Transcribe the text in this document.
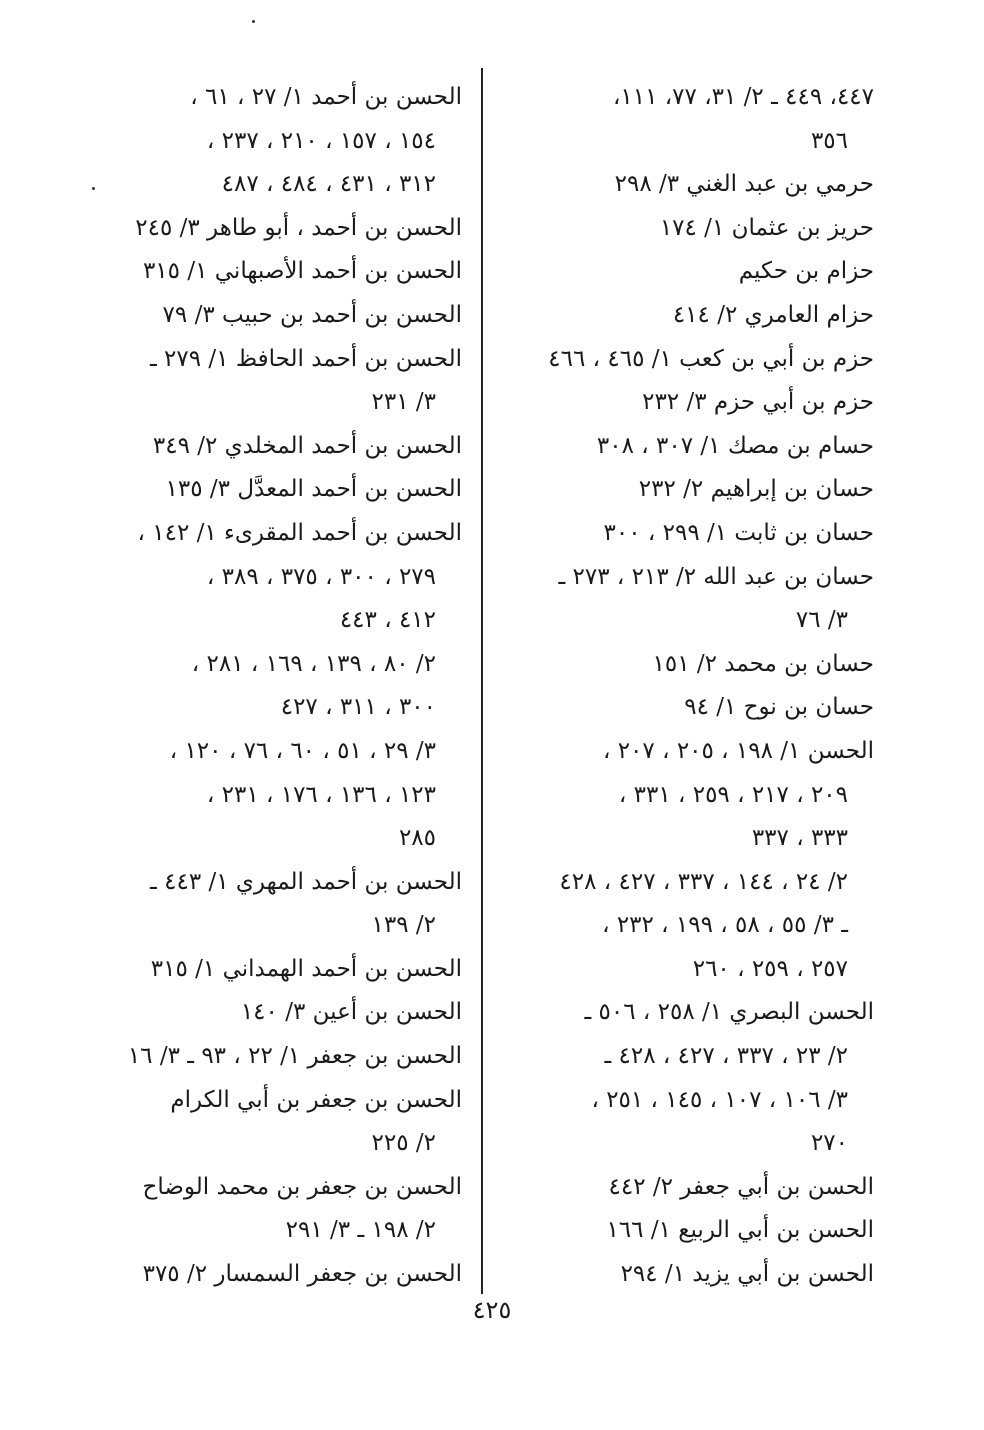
٤٤٧، ٤٤٩ ـ ٢/ ٣١، ٧٧، ١١١،
٣٥٦
حرمي بن عبد الغني ٣/ ٢٩٨
حريز بن عثمان ١/ ١٧٤
حزام بن حكيم
حزام العامري ٢/ ٤١٤
حزم بن أبي بن كعب ١/ ٤٦٥ ، ٤٦٦
حزم بن أبي حزم ٣/ ٢٣٢
حسام بن مصك ١/ ٣٠٧ ، ٣٠٨
حسان بن إبراهيم ٢/ ٢٣٢
حسان بن ثابت ١/ ٢٩٩ ، ٣٠٠
حسان بن عبد الله ٢/ ٢١٣ ، ٢٧٣ ـ
٣/ ٧٦
حسان بن محمد ٢/ ١٥١
حسان بن نوح ١/ ٩٤
الحسن ١/ ١٩٨ ، ٢٠٥ ، ٢٠٧ ،
٢٠٩ ، ٢١٧ ، ٢٥٩ ، ٣٣١ ،
٣٣٣ ، ٣٣٧
٢/ ٢٤ ، ١٤٤ ، ٣٣٧ ، ٤٢٧ ، ٤٢٨
ـ ٣/ ٥٥ ، ٥٨ ، ١٩٩ ، ٢٣٢ ،
٢٥٧ ، ٢٥٩ ، ٢٦٠
الحسن البصري ١/ ٢٥٨ ، ٥٠٦ ـ
٢/ ٢٣ ، ٣٣٧ ، ٤٢٧ ، ٤٢٨ ـ
٣/ ١٠٦ ، ١٠٧ ، ١٤٥ ، ٢٥١ ،
٢٧٠
الحسن بن أبي جعفر ٢/ ٤٤٢
الحسن بن أبي الربيع ١/ ١٦٦
الحسن بن أبي يزيد ١/ ٢٩٤
الحسن بن أحمد ١/ ٢٧ ، ٦١ ،
١٥٤ ، ١٥٧ ، ٢١٠ ، ٢٣٧ ،
٣١٢ ، ٤٣١ ، ٤٨٤ ، ٤٨٧
الحسن بن أحمد ، أبو طاهر ٣/ ٢٤٥
الحسن بن أحمد الأصبهاني ١/ ٣١٥
الحسن بن أحمد بن حبيب ٣/ ٧٩
الحسن بن أحمد الحافظ ١/ ٢٧٩ ـ
٣/ ٢٣١
الحسن بن أحمد المخلدي ٢/ ٣٤٩
الحسن بن أحمد المعدَّل ٣/ ١٣٥
الحسن بن أحمد المقرىء ١/ ١٤٢ ،
٢٧٩ ، ٣٠٠ ، ٣٧٥ ، ٣٨٩ ،
٤١٢ ، ٤٤٣
٢/ ٨٠ ، ١٣٩ ، ١٦٩ ، ٢٨١ ،
٣٠٠ ، ٣١١ ، ٤٢٧
٣/ ٢٩ ، ٥١ ، ٦٠ ، ٧٦ ، ١٢٠ ،
١٢٣ ، ١٣٦ ، ١٧٦ ، ٢٣١ ،
٢٨٥
الحسن بن أحمد المهري ١/ ٤٤٣ ـ
٢/ ١٣٩
الحسن بن أحمد الهمداني ١/ ٣١٥
الحسن بن أعين ٣/ ١٤٠
الحسن بن جعفر ١/ ٢٢ ، ٩٣ ـ ٣/ ١٦
الحسن بن جعفر بن أبي الكرام
٢/ ٢٢٥
الحسن بن جعفر بن محمد الوضاح
٢/ ١٩٨ ـ ٣/ ٢٩١
الحسن بن جعفر السمسار ٢/ ٣٧٥
٤٢٥
